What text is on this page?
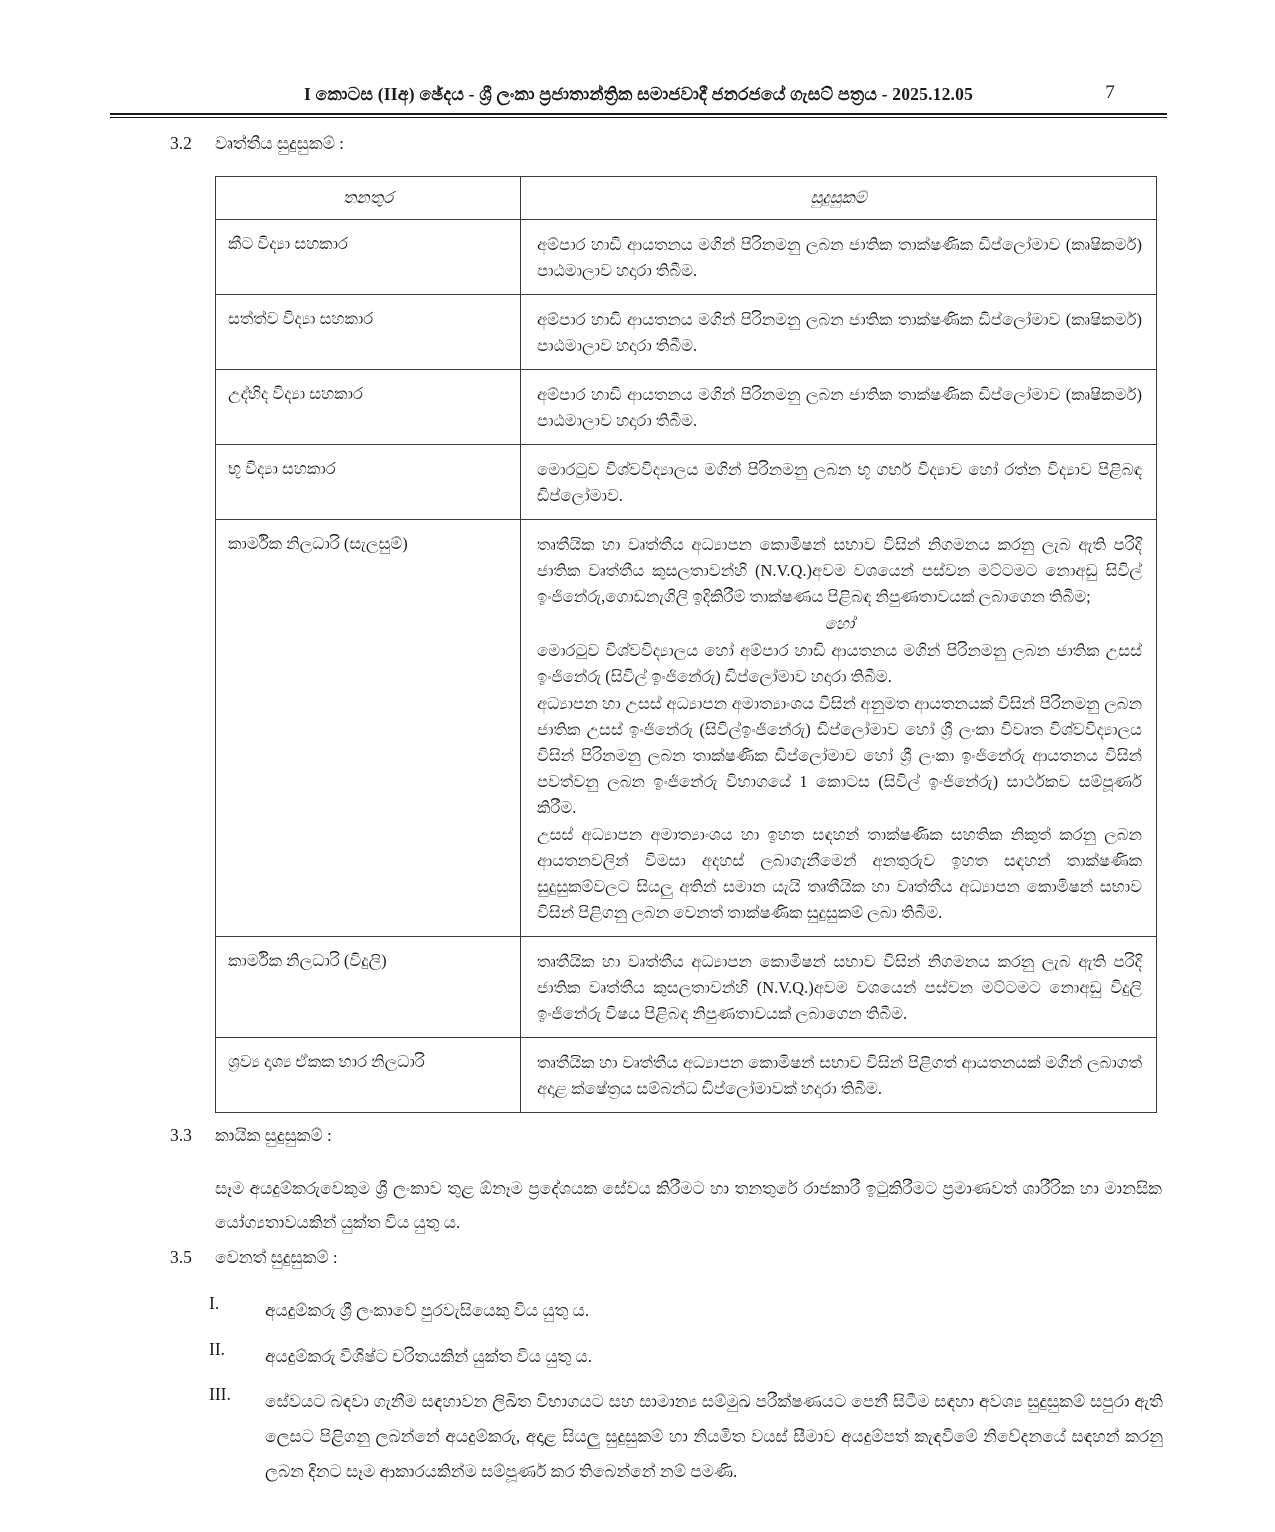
I කොටස (IIඅ) ඡේදය - ශ්‍රී ලංකා ප්‍රජාතාන්ත්‍රික සමාජවාදී ජනරජයේ ගැසට් පත්‍රය - 2025.12.05	7
3.2 වෘත්තීය සුදුසුකම් :
තනතුර	සුදුසුකම්
කීට විද්‍යා සහකාර	අම්පාර හාඩි ආයතනය මගින් පිරිනමනු ලබන ජාතික තාක්ෂණික ඩිප්ලෝමාව (කෘෂිකර්ම) පාඨමාලාව හදාරා තිබීම.

සත්ත්ව විද්‍යා සහකාර	අම්පාර හාඩි ආයතනය මගින් පිරිනමනු ලබන ජාතික තාක්ෂණික ඩිප්ලෝමාව (කෘෂිකර්ම) පාඨමාලාව හදාරා තිබීම.

උද්භිද විද්‍යා සහකාර	අම්පාර හාඩි ආයතනය මගින් පිරිනමනු ලබන ජාතික තාක්ෂණික ඩිප්ලෝමාව (කෘෂිකර්ම) පාඨමාලාව හදාරා තිබීම.

භූ විද්‍යා සහකාර	මොරටුව විශ්වවිද්‍යාලය මගින් පිරිනමනු ලබන භූ ගර්භ විද්‍යාව හෝ රත්න විද්‍යාව පිළිබඳ ඩිප්ලෝමාව.

කාර්මික නිලධාරි (සැලසුම්)	තෘතීයික හා වෘත්තීය අධ්‍යාපන කොමිෂන් සභාව විසින් නිගමනය කරනු ලැබ ඇති පරිදි ජාතික වෘත්තීය කුසලතාවන්හි (N.V.Q.)අවම වශයෙන් පස්වන මට්ටමට නොඅඩු සිවිල් ඉංජිනේරු,ගොඩනැගිලි ඉදිකිරීම් තාක්ෂණය පිළිබඳ නිපුණතාවයක් ලබාගෙන තිබීම;

හෝ

මොරටුව විශ්වවිද්‍යාලය හෝ අම්පාර හාඩි ආයතනය මගින් පිරිනමනු ලබන ජාතික උසස් ඉංජිනේරු (සිවිල් ඉංජිනේරු) ඩිප්ලෝමාව හදාරා තිබීම.

අධ්‍යාපන හා උසස් අධ්‍යාපන අමාත්‍යාංශය විසින් අනුමත ආයතනයක් විසින් පිරිනමනු ලබන ජාතික උසස් ඉංජිනේරු (සිවිල්ඉංජිනේරු) ඩිප්ලෝමාව හෝ ශ්‍රී ලංකා විවෘත විශ්වවිද්‍යාලය විසින් පිරිනමනු ලබන තාක්ෂණික ඩිප්ලෝමාව හෝ ශ්‍රී ලංකා ඉංජිනේරු ආයතනය විසින් පවත්වනු ලබන ඉංජිනේරු විභාගයේ 1 කොටස (සිවිල් ඉංජිනේරු) සාර්ථකව සම්පූර්ණ කිරීම.

උසස් අධ්‍යාපන අමාත්‍යාංශය හා ඉහත සඳහන් තාක්ෂණික සහතික නිකුත් කරනු ලබන ආයතනවලින් විමසා අදහස් ලබාගැනීමෙන් අනතුරුව ඉහත සඳහන් තාක්ෂණික සුදුසුකම්වලට සියලු අතින් සමාන යැයි තෘතීයික හා වෘත්තීය අධ්‍යාපන කොමිෂන් සභාව විසින් පිළිගනු ලබන වෙනත් තාක්ෂණික සුදුසුකම් ලබා තිබීම.

කාර්මික නිලධාරි (විදුලි)	තෘතීයික හා වෘත්තීය අධ්‍යාපන කොමිෂන් සභාව විසින් නිගමනය කරනු ලැබ ඇති පරිදි ජාතික වෘත්තීය කුසලතාවන්හි (N.V.Q.)අවම වශයෙන් පස්වන මට්ටමට නොඅඩු විදුලි ඉංජිනේරු විෂය පිළිබඳ නිපුණතාවයක් ලබාගෙන තිබීම.

ශ්‍රව්‍ය දෘශ්‍ය ඒකක භාර නිලධාරි	තෘතීයික හා වෘත්තීය අධ්‍යාපන කොමිෂන් සභාව විසින් පිළිගත් ආයතනයක් මගින් ලබාගත් අදාළ ක්ෂේත්‍රය සම්බන්ධ ඩිප්ලෝමාවක් හදාරා තිබීම.

3.3 කායික සුදුසුකම් :
සෑම අයදුම්කරුවෙකුම ශ්‍රී ලංකාව තුළ ඕනෑම ප්‍රදේශයක සේවය කිරීමට හා තනතුරේ රාජකාරී ඉටුකිරීමට ප්‍රමාණවත් ශාරීරික හා මානසික යෝග්‍යතාවයකින් යුක්ත විය යුතු ය.
3.5 වෙනත් සුදුසුකම් :
I.	අයදුම්කරු ශ්‍රී ලංකාවේ පුරවැසියෙකු විය යුතු ය.
II.	අයදුම්කරු විශිෂ්ට චරිතයකින් යුක්ත විය යුතු ය.
III.	සේවයට බඳවා ගැනීම සඳහාවන ලිඛිත විභාගයට සහ සාමාන්‍ය සම්මුඛ පරීක්ෂණයට පෙනී සිටීම සඳහා අවශ්‍ය සුදුසුකම් සපුරා ඇති ලෙසට පිළිගනු ලබන්නේ අයදුම්කරු, අදාළ සියලු සුදුසුකම් හා නියමිත වයස් සීමාව අයදුම්පත් කැඳවීමේ නිවේදනයේ සඳහන් කරනු ලබන දිනට සෑම ආකාරයකින්ම සම්පූර්ණ කර තිබෙන්නේ නම් පමණි.
